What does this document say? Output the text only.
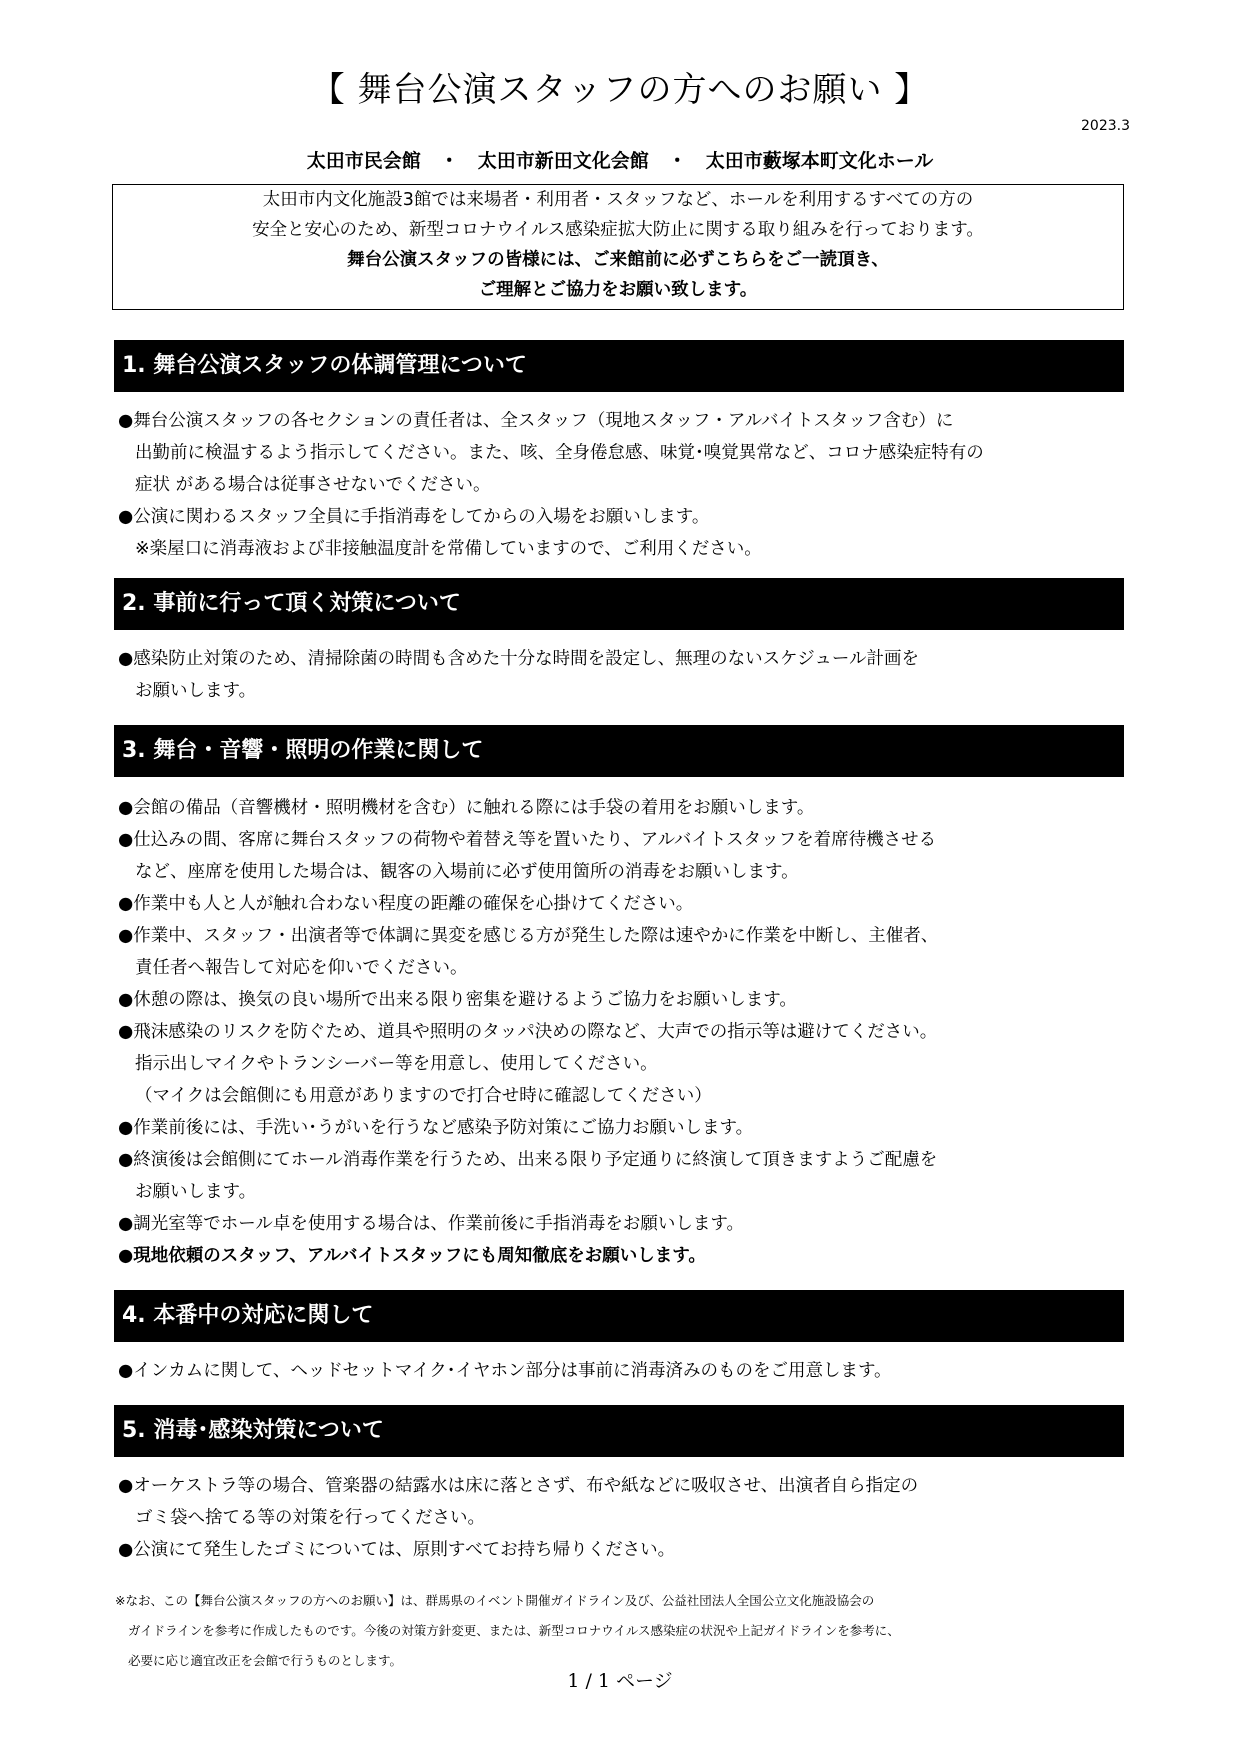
【 舞台公演スタッフの方へのお願い 】
2023.3
太田市民会館　・　太田市新田文化会館　・　太田市藪塚本町文化ホール
太田市内文化施設3館では来場者・利用者・スタッフなど、ホールを利用するすべての方の
安全と安心のため、新型コロナウイルス感染症拡大防止に関する取り組みを行っております。
舞台公演スタッフの皆様には、ご来館前に必ずこちらをご一読頂き、
ご理解とご協力をお願い致します。
1. 舞台公演スタッフの体調管理について
●舞台公演スタッフの各セクションの責任者は、全スタッフ（現地スタッフ・アルバイトスタッフ含む）に
出勤前に検温するよう指示してください。また、咳、全身倦怠感、味覚･嗅覚異常など、コロナ感染症特有の
症状 がある場合は従事させないでください。
●公演に関わるスタッフ全員に手指消毒をしてからの入場をお願いします。
※楽屋口に消毒液および非接触温度計を常備していますので、ご利用ください。
2. 事前に行って頂く対策について
●感染防止対策のため、清掃除菌の時間も含めた十分な時間を設定し、無理のないスケジュール計画を
お願いします。
3. 舞台・音響・照明の作業に関して
●会館の備品（音響機材・照明機材を含む）に触れる際には手袋の着用をお願いします。
●仕込みの間、客席に舞台スタッフの荷物や着替え等を置いたり、アルバイトスタッフを着席待機させる
など、座席を使用した場合は、観客の入場前に必ず使用箇所の消毒をお願いします。
●作業中も人と人が触れ合わない程度の距離の確保を心掛けてください。
●作業中、スタッフ・出演者等で体調に異変を感じる方が発生した際は速やかに作業を中断し、主催者、
責任者へ報告して対応を仰いでください。
●休憩の際は、換気の良い場所で出来る限り密集を避けるようご協力をお願いします。
●飛沫感染のリスクを防ぐため、道具や照明のタッパ決めの際など、大声での指示等は避けてください。
指示出しマイクやトランシーバー等を用意し、使用してください。
（マイクは会館側にも用意がありますので打合せ時に確認してください）
●作業前後には、手洗い･うがいを行うなど感染予防対策にご協力お願いします。
●終演後は会館側にてホール消毒作業を行うため、出来る限り予定通りに終演して頂きますようご配慮を
お願いします。
●調光室等でホール卓を使用する場合は、作業前後に手指消毒をお願いします。
●現地依頼のスタッフ、アルバイトスタッフにも周知徹底をお願いします。
4. 本番中の対応に関して
●インカムに関して、ヘッドセットマイク･イヤホン部分は事前に消毒済みのものをご用意します。
5. 消毒･感染対策について
●オーケストラ等の場合、管楽器の結露水は床に落とさず、布や紙などに吸収させ、出演者自ら指定の
ゴミ袋へ捨てる等の対策を行ってください。
●公演にて発生したゴミについては、原則すべてお持ち帰りください。
※なお、この【舞台公演スタッフの方へのお願い】は、群馬県のイベント開催ガイドライン及び、公益社団法人全国公立文化施設協会の
ガイドラインを参考に作成したものです。今後の対策方針変更、または、新型コロナウイルス感染症の状況や上記ガイドラインを参考に、
必要に応じ適宜改正を会館で行うものとします。
1 / 1 ページ
